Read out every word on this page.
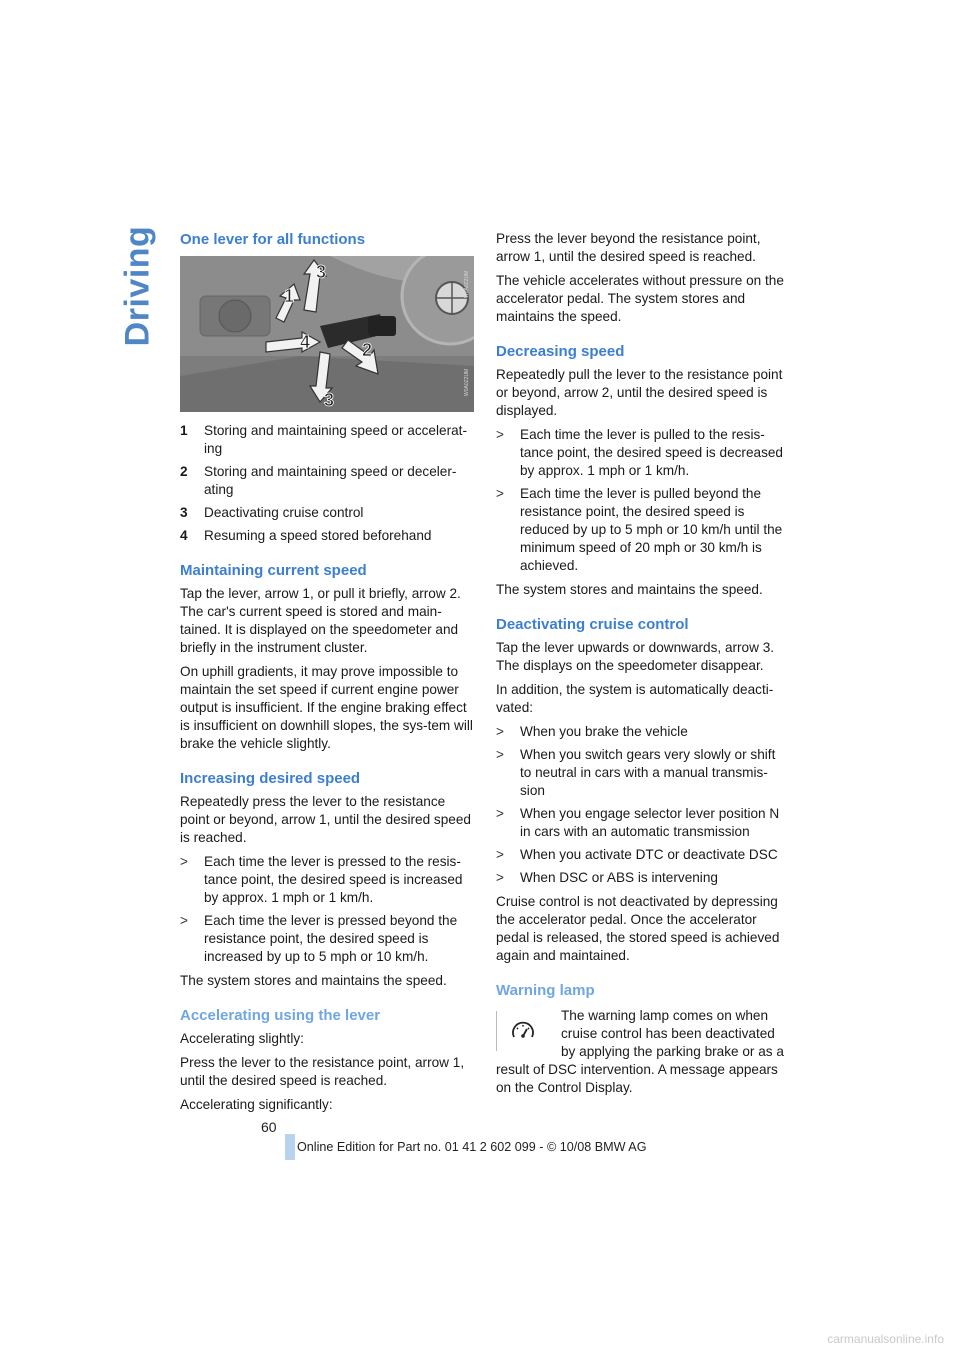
Driving One lever for all functions
3
1
4	2
3
W0A0Z2UM
W0A0Z2UM
1	Storing and maintaining speed or accelerat-ing
2	Storing and maintaining speed or deceler-ating
3	Deactivating cruise control
4	Resuming a speed stored beforehand
Maintaining current speed

Tap the lever, arrow 1, or pull it briefly, arrow 2. The car's current speed is stored and main-tained. It is displayed on the speedometer and briefly in the instrument cluster.

On uphill gradients, it may prove impossible to maintain the set speed if current engine power output is insufficient. If the engine braking effect is insufficient on downhill slopes, the sys-tem will brake the vehicle slightly.

Increasing desired speed

Repeatedly press the lever to the resistance point or beyond, arrow 1, until the desired speed is reached.

>	Each time the lever is pressed to the resis-tance point, the desired speed is increased by approx. 1 mph or 1 km/h.
>	Each time the lever is pressed beyond the resistance point, the desired speed is increased by up to 5 mph or 10 km/h.

The system stores and maintains the speed.

Accelerating using the lever

Accelerating slightly:

Press the lever to the resistance point, arrow 1, until the desired speed is reached.

Accelerating significantly:

Press the lever beyond the resistance point, arrow 1, until the desired speed is reached.

The vehicle accelerates without pressure on the accelerator pedal. The system stores and maintains the speed.

Decreasing speed

Repeatedly pull the lever to the resistance point or beyond, arrow 2, until the desired speed is displayed.

>	Each time the lever is pulled to the resis-tance point, the desired speed is decreased by approx. 1 mph or 1 km/h.
>	Each time the lever is pulled beyond the resistance point, the desired speed is reduced by up to 5 mph or 10 km/h until the minimum speed of 20 mph or 30 km/h is achieved.

The system stores and maintains the speed.

Deactivating cruise control

Tap the lever upwards or downwards, arrow 3. The displays on the speedometer disappear.

In addition, the system is automatically deacti-vated:

>	When you brake the vehicle
>	When you switch gears very slowly or shift to neutral in cars with a manual transmis-sion
>	When you engage selector lever position N in cars with an automatic transmission
>	When you activate DTC or deactivate DSC
>	When DSC or ABS is intervening

Cruise control is not deactivated by depressing the accelerator pedal. Once the accelerator pedal is released, the stored speed is achieved again and maintained.

Warning lamp

The warning lamp comes on when cruise control has been deactivated by applying the parking brake or as a result of DSC intervention. A message appears on the Control Display.

60
Online Edition for Part no. 01 41 2 602 099 - © 10/08 BMW AG
carmanualsonline.info
